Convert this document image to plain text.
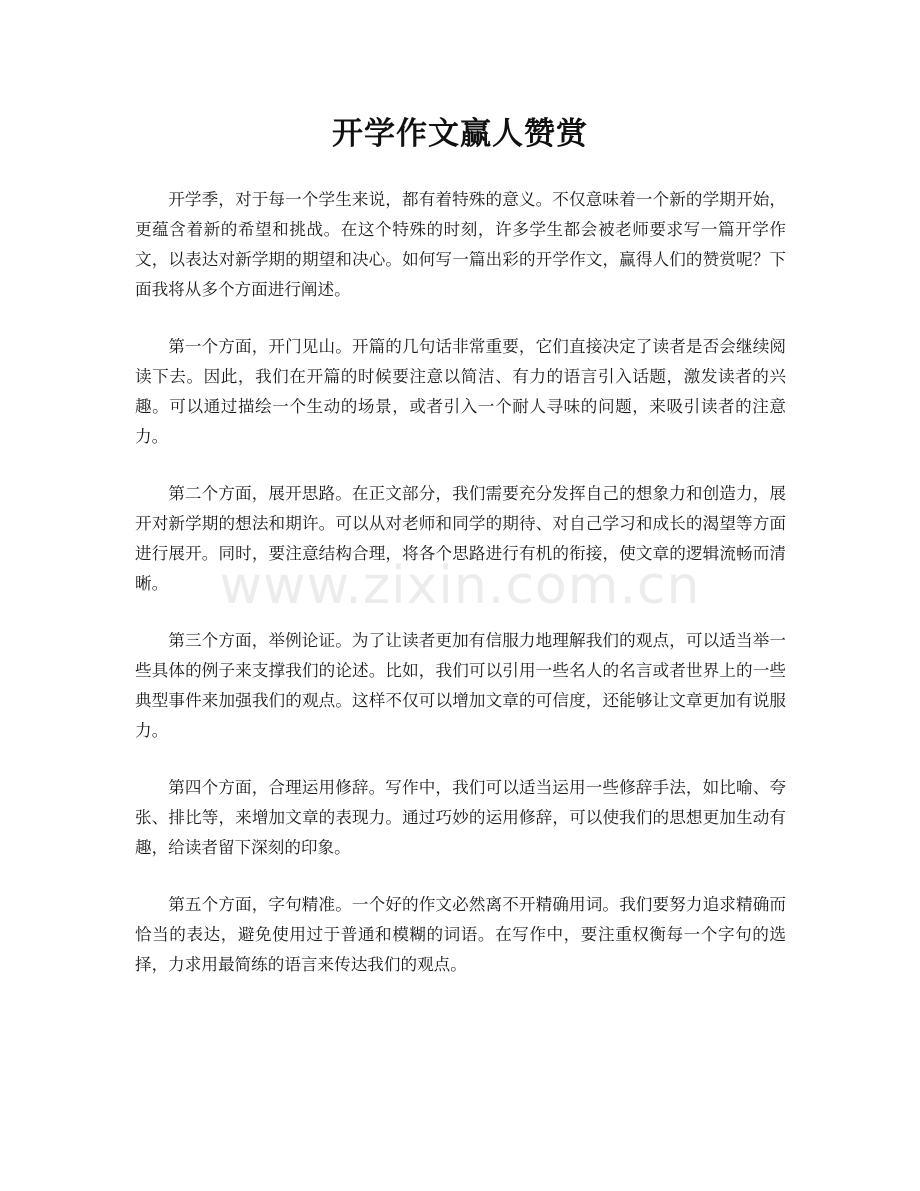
开学作文赢人赞赏

开学季，对于每一个学生来说，都有着特殊的意义。不仅意味着一个新的学期开始，更蕴含着新的希望和挑战。在这个特殊的时刻，许多学生都会被老师要求写一篇开学作文，以表达对新学期的期望和决心。如何写一篇出彩的开学作文，赢得人们的赞赏呢？下面我将从多个方面进行阐述。

第一个方面，开门见山。开篇的几句话非常重要，它们直接决定了读者是否会继续阅读下去。因此，我们在开篇的时候要注意以简洁、有力的语言引入话题，激发读者的兴趣。可以通过描绘一个生动的场景，或者引入一个耐人寻味的问题，来吸引读者的注意力。

第二个方面，展开思路。在正文部分，我们需要充分发挥自己的想象力和创造力，展开对新学期的想法和期许。可以从对老师和同学的期待、对自己学习和成长的渴望等方面进行展开。同时，要注意结构合理，将各个思路进行有机的衔接，使文章的逻辑流畅而清晰。

第三个方面，举例论证。为了让读者更加有信服力地理解我们的观点，可以适当举一些具体的例子来支撑我们的论述。比如，我们可以引用一些名人的名言或者世界上的一些典型事件来加强我们的观点。这样不仅可以增加文章的可信度，还能够让文章更加有说服力。

第四个方面，合理运用修辞。写作中，我们可以适当运用一些修辞手法，如比喻、夸张、排比等，来增加文章的表现力。通过巧妙的运用修辞，可以使我们的思想更加生动有趣，给读者留下深刻的印象。

第五个方面，字句精准。一个好的作文必然离不开精确用词。我们要努力追求精确而恰当的表达，避免使用过于普通和模糊的词语。在写作中，要注重权衡每一个字句的选择，力求用最简练的语言来传达我们的观点。

www.zixin.com.cn
